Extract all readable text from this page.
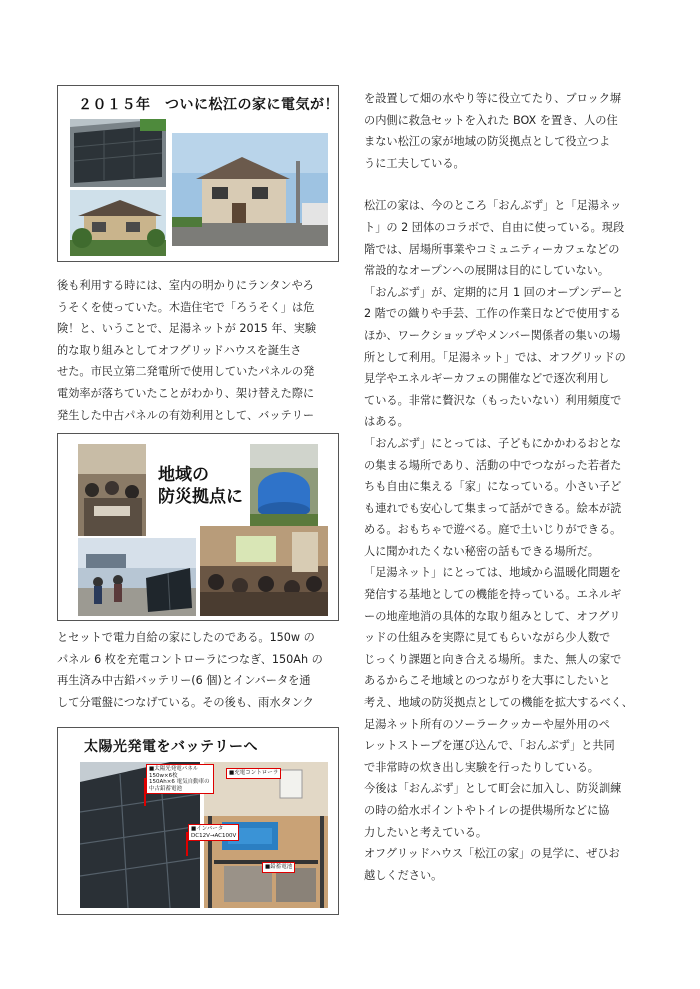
２０１５年　ついに松江の家に電気が！

後も利用する時には、室内の明かりにランタンやろ

うそくを使っていた。木造住宅で「ろうそく」は危

険！と、いうことで、足湯ネットが 2015 年、実験

的な取り組みとしてオフグリッドハウスを誕生さ

せた。市民立第二発電所で使用していたパネルの発

電効率が落ちていたことがわかり、架け替えた際に

発生した中古パネルの有効利用として、バッテリー

地域の
防災拠点に

とセットで電力自給の家にしたのである。150w の

パネル 6 枚を充電コントローラにつなぎ、150Ah の

再生済み中古鉛バッテリー(6 個)とインバータを通

して分電盤につなげている。その後も、雨水タンク

太陽光発電をバッテリーへ
■太陽光発電パネル 150w×6枚
150Ah×6 電気自動車の
中古鉛蓄電池
■充電コントローラ
■インバータ
DC12V→AC100V
■鉛蓄電池

を設置して畑の水やり等に役立てたり、ブロック塀

の内側に救急セットを入れた BOX を置き、人の住

まない松江の家が地域の防災拠点として役立つよ

うに工夫している。

松江の家は、今のところ「おんぶず」と「足湯ネッ

ト」の 2 団体のコラボで、自由に使っている。現段

階では、居場所事業やコミュニティーカフェなどの

常設的なオープンへの展開は目的にしていない。

「おんぶず」が、定期的に月 1 回のオープンデーと

2 階での織りや手芸、工作の作業日などで使用する

ほか、ワークショップやメンバー関係者の集いの場

所として利用。「足湯ネット」では、オフグリッドの

見学やエネルギーカフェの開催などで逐次利用し

ている。非常に贅沢な（もったいない）利用頻度で

はある。

「おんぶず」にとっては、子どもにかかわるおとな

の集まる場所であり、活動の中でつながった若者た

ちも自由に集える「家」になっている。小さい子ど

も連れでも安心して集まって話ができる。絵本が読

める。おもちゃで遊べる。庭で土いじりができる。

人に聞かれたくない秘密の話もできる場所だ。

「足湯ネット」にとっては、地域から温暖化問題を

発信する基地としての機能を持っている。エネルギ

ーの地産地消の具体的な取り組みとして、オフグリ

ッドの仕組みを実際に見てもらいながら少人数で

じっくり課題と向き合える場所。また、無人の家で

あるからこそ地域とのつながりを大事にしたいと

考え、地域の防災拠点としての機能を拡大するべく、

足湯ネット所有のソーラークッカーや屋外用のペ

レットストーブを運び込んで、「おんぶず」と共同

で非常時の炊き出し実験を行ったりしている。

今後は「おんぶず」として町会に加入し、防災訓練

の時の給水ポイントやトイレの提供場所などに協

力したいと考えている。

オフグリッドハウス「松江の家」の見学に、ぜひお

越しください。
